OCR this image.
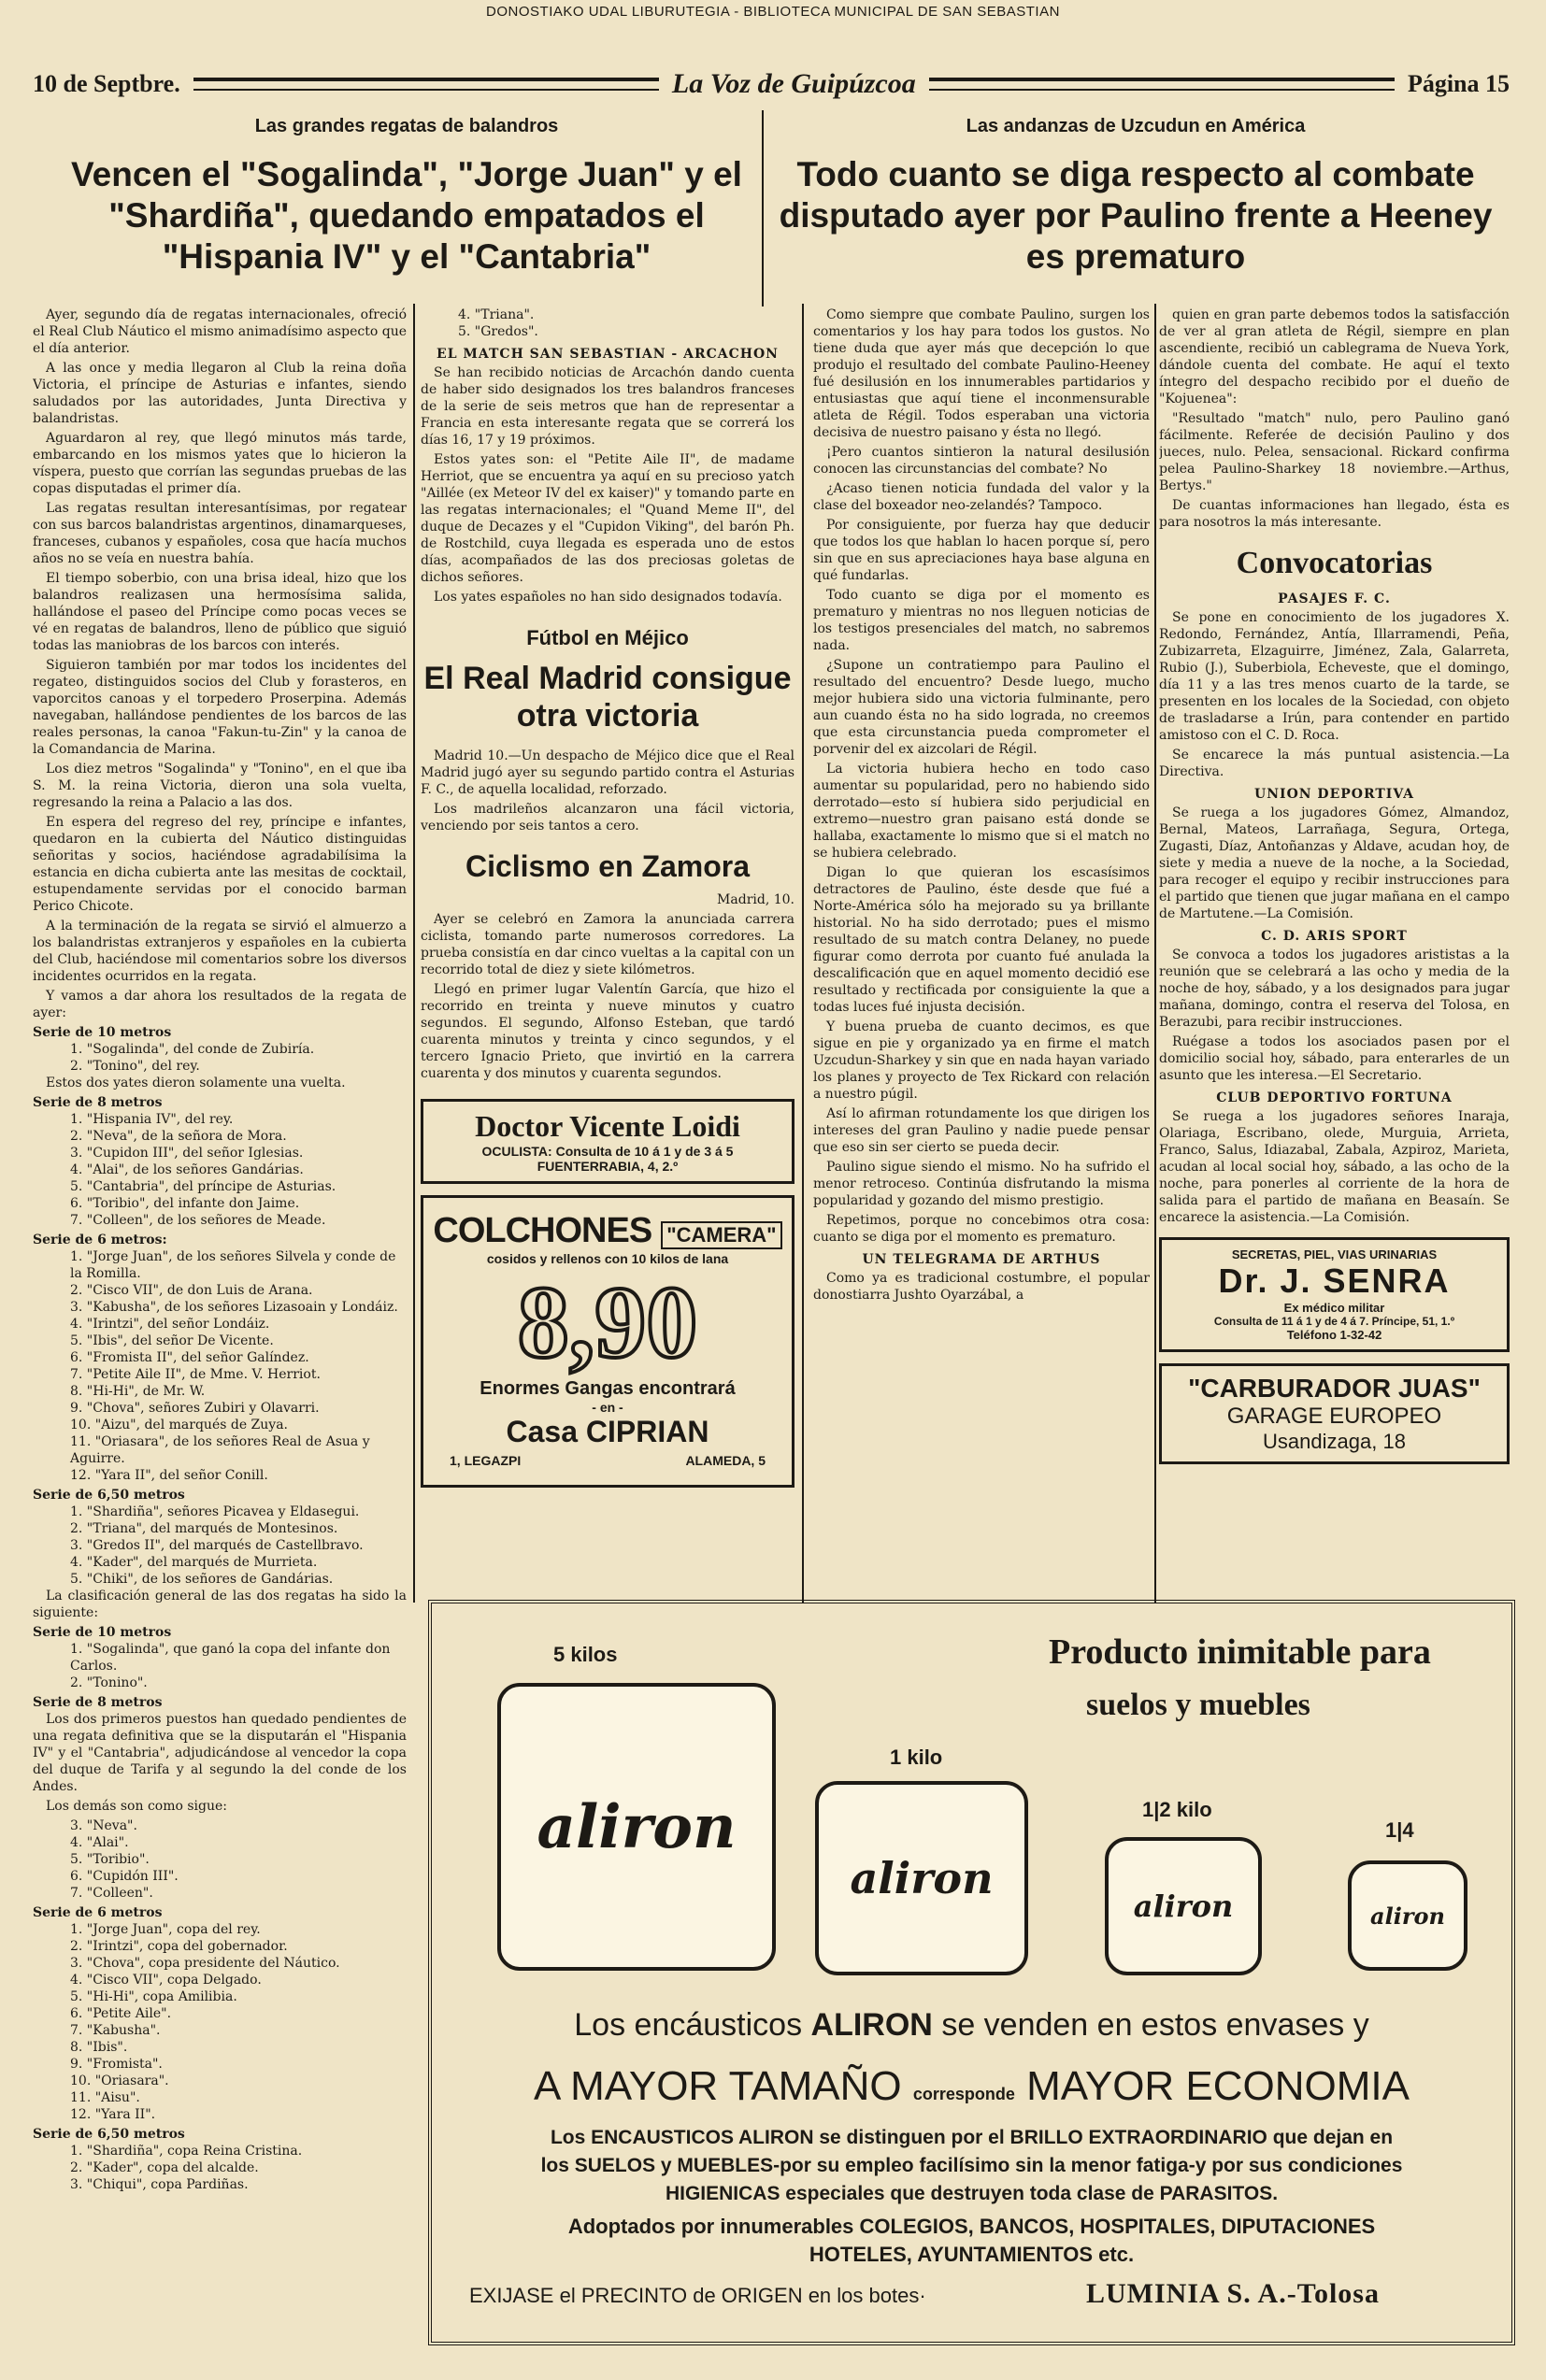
DONOSTIAKO UDAL LIBURUTEGIA - BIBLIOTECA MUNICIPAL DE SAN SEBASTIAN
10 de Septbre.	La Voz de Guipúzcoa	Página 15
Las grandes regatas de balandros
Vencen el "Sogalinda", "Jorge Juan" y el "Shardiña", quedando empatados el "Hispania IV" y el "Cantabria"
Las andanzas de Uzcudun en América
Todo cuanto se diga respecto al combate disputado ayer por Paulino frente a Heeney es prematuro

Ayer, segundo día de regatas internacionales, ofreció el Real Club Náutico el mismo animadísimo aspecto que el día anterior.

A las once y media llegaron al Club la reina doña Victoria, el príncipe de Asturias e infantes, siendo saludados por las autoridades, Junta Directiva y balandristas.

Aguardaron al rey, que llegó minutos más tarde, embarcando en los mismos yates que lo hicieron la víspera, puesto que corrían las segundas pruebas de las copas disputadas el primer día.

Las regatas resultan interesantísimas, por regatear con sus barcos balandristas argentinos, dinamarqueses, franceses, cubanos y españoles, cosa que hacía muchos años no se veía en nuestra bahía.

El tiempo soberbio, con una brisa ideal, hizo que los balandros realizasen una hermosísima salida, hallándose el paseo del Príncipe como pocas veces se vé en regatas de balandros, lleno de público que siguió todas las maniobras de los barcos con interés.

Siguieron también por mar todos los incidentes del regateo, distinguidos socios del Club y forasteros, en vaporcitos canoas y el torpedero Proserpina. Además navegaban, hallándose pendientes de los barcos de las reales personas, la canoa "Fakun-tu-Zin" y la canoa de la Comandancia de Marina.

Los diez metros "Sogalinda" y "Tonino", en el que iba S. M. la reina Victoria, dieron una sola vuelta, regresando la reina a Palacio a las dos.

En espera del regreso del rey, príncipe e infantes, quedaron en la cubierta del Náutico distinguidas señoritas y socios, haciéndose agradabilísima la estancia en dicha cubierta ante las mesitas de cocktail, estupendamente servidas por el conocido barman Perico Chicote.

A la terminación de la regata se sirvió el almuerzo a los balandristas extranjeros y españoles en la cubierta del Club, haciéndose mil comentarios sobre los diversos incidentes ocurridos en la regata.

Y vamos a dar ahora los resultados de la regata de ayer:

Serie de 10 metros
1. "Sogalinda", del conde de Zubiría.
2. "Tonino", del rey.

Estos dos yates dieron solamente una vuelta.

Serie de 8 metros
1. "Hispania IV", del rey.
2. "Neva", de la señora de Mora.
3. "Cupidon III", del señor Iglesias.
4. "Alai", de los señores Gandárias.
5. "Cantabria", del príncipe de Asturias.
6. "Toribio", del infante don Jaime.
7. "Colleen", de los señores de Meade.
Serie de 6 metros:
1. "Jorge Juan", de los señores Silvela y conde de la Romilla.
2. "Cisco VII", de don Luis de Arana.
3. "Kabusha", de los señores Lizasoain y Londáiz.
4. "Irintzi", del señor Londáiz.
5. "Ibis", del señor De Vicente.
6. "Fromista II", del señor Galíndez.
7. "Petite Aile II", de Mme. V. Herriot.
8. "Hi-Hi", de Mr. W.
9. "Chova", señores Zubiri y Olavarri.
10. "Aizu", del marqués de Zuya.
11. "Oriasara", de los señores Real de Asua y Aguirre.
12. "Yara II", del señor Conill.
Serie de 6,50 metros
1. "Shardiña", señores Picavea y Eldasegui.
2. "Triana", del marqués de Montesinos.
3. "Gredos II", del marqués de Castellbravo.
4. "Kader", del marqués de Murrieta.
5. "Chiki", de los señores de Gandárias.

La clasificación general de las dos regatas ha sido la siguiente:

Serie de 10 metros
1. "Sogalinda", que ganó la copa del infante don Carlos.
2. "Tonino".
Serie de 8 metros

Los dos primeros puestos han quedado pendientes de una regata definitiva que se la disputarán el "Hispania IV" y el "Cantabria", adjudicándose al vencedor la copa del duque de Tarifa y al segundo la del conde de los Andes.

Los demás son como sigue:

3. "Neva".
4. "Alai".
5. "Toribio".
6. "Cupidón III".
7. "Colleen".
Serie de 6 metros
1. "Jorge Juan", copa del rey.
2. "Irintzi", copa del gobernador.
3. "Chova", copa presidente del Náutico.
4. "Cisco VII", copa Delgado.
5. "Hi-Hi", copa Amilibia.
6. "Petite Aile".
7. "Kabusha".
8. "Ibis".
9. "Fromista".
10. "Oriasara".
11. "Aisu".
12. "Yara II".
Serie de 6,50 metros
1. "Shardiña", copa Reina Cristina.
2. "Kader", copa del alcalde.
3. "Chiqui", copa Pardiñas.
4. "Triana".
5. "Gredos".
EL MATCH SAN SEBASTIAN - ARCACHON

Se han recibido noticias de Arcachón dando cuenta de haber sido designados los tres balandros franceses de la serie de seis metros que han de representar a Francia en esta interesante regata que se correrá los días 16, 17 y 19 próximos.

Estos yates son: el "Petite Aile II", de madame Herriot, que se encuentra ya aquí en su precioso yatch "Aillée (ex Meteor IV del ex kaiser)" y tomando parte en las regatas internacionales; el "Quand Meme II", del duque de Decazes y el "Cupidon Viking", del barón Ph. de Rostchild, cuya llegada es esperada uno de estos días, acompañados de las dos preciosas goletas de dichos señores.

Los yates españoles no han sido designados todavía.

Fútbol en Méjico
El Real Madrid consigue otra victoria

Madrid 10.—Un despacho de Méjico dice que el Real Madrid jugó ayer su segundo partido contra el Asturias F. C., de aquella localidad, reforzado.

Los madrileños alcanzaron una fácil victoria, venciendo por seis tantos a cero.

Ciclismo en Zamora

Madrid, 10.

Ayer se celebró en Zamora la anunciada carrera ciclista, tomando parte numerosos corredores. La prueba consistía en dar cinco vueltas a la capital con un recorrido total de diez y siete kilómetros.

Llegó en primer lugar Valentín García, que hizo el recorrido en treinta y nueve minutos y cuatro segundos. El segundo, Alfonso Esteban, que tardó cuarenta minutos y treinta y cinco segundos, y el tercero Ignacio Prieto, que invirtió en la carrera cuarenta y dos minutos y cuarenta segundos.

Doctor Vicente Loidi
OCULISTA: Consulta de 10 á 1 y de 3 á 5
FUENTERRABIA, 4, 2.º
COLCHONES "CAMERA"
cosidos y rellenos con 10 kilos de lana
8,90
Enormes Gangas encontrará
- en -
Casa CIPRIAN
1, LEGAZPI	ALAMEDA, 5

Como siempre que combate Paulino, surgen los comentarios y los hay para todos los gustos. No tiene duda que ayer más que decepción lo que produjo el resultado del combate Paulino-Heeney fué desilusión en los innumerables partidarios y entusiastas que aquí tiene el inconmensurable atleta de Régil. Todos esperaban una victoria decisiva de nuestro paisano y ésta no llegó.

¡Pero cuantos sintieron la natural desilusión conocen las circunstancias del combate? No

¿Acaso tienen noticia fundada del valor y la clase del boxeador neo-zelandés? Tampoco.

Por consiguiente, por fuerza hay que deducir que todos los que hablan lo hacen porque sí, pero sin que en sus apreciaciones haya base alguna en qué fundarlas.

Todo cuanto se diga por el momento es prematuro y mientras no nos lleguen noticias de los testigos presenciales del match, no sabremos nada.

¿Supone un contratiempo para Paulino el resultado del encuentro? Desde luego, mucho mejor hubiera sido una victoria fulminante, pero aun cuando ésta no ha sido lograda, no creemos que esta circunstancia pueda comprometer el porvenir del ex aizcolari de Régil.

La victoria hubiera hecho en todo caso aumentar su popularidad, pero no habiendo sido derrotado—esto sí hubiera sido perjudicial en extremo—nuestro gran paisano está donde se hallaba, exactamente lo mismo que si el match no se hubiera celebrado.

Digan lo que quieran los escasísimos detractores de Paulino, éste desde que fué a Norte-América sólo ha mejorado su ya brillante historial. No ha sido derrotado; pues el mismo resultado de su match contra Delaney, no puede figurar como derrota por cuanto fué anulada la descalificación que en aquel momento decidió ese resultado y rectificada por consiguiente la que a todas luces fué injusta decisión.

Y buena prueba de cuanto decimos, es que sigue en pie y organizado ya en firme el match Uzcudun-Sharkey y sin que en nada hayan variado los planes y proyecto de Tex Rickard con relación a nuestro púgil.

Así lo afirman rotundamente los que dirigen los intereses del gran Paulino y nadie puede pensar que eso sin ser cierto se pueda decir.

Paulino sigue siendo el mismo. No ha sufrido el menor retroceso. Continúa disfrutando la misma popularidad y gozando del mismo prestigio.

Repetimos, porque no concebimos otra cosa: cuanto se diga por el momento es prematuro.

UN TELEGRAMA DE ARTHUS

Como ya es tradicional costumbre, el popular donostiarra Jushto Oyarzábal, a

quien en gran parte debemos todos la satisfacción de ver al gran atleta de Régil, siempre en plan ascendiente, recibió un cablegrama de Nueva York, dándole cuenta del combate. He aquí el texto íntegro del despacho recibido por el dueño de "Kojuenea":

"Resultado "match" nulo, pero Paulino ganó fácilmente. Referée de decisión Paulino y dos jueces, nulo. Pelea, sensacional. Rickard confirma pelea Paulino-Sharkey 18 noviembre.—Arthus, Bertys."

De cuantas informaciones han llegado, ésta es para nosotros la más interesante.

Convocatorias
PASAJES F. C.

Se pone en conocimiento de los jugadores X. Redondo, Fernández, Antía, Illarramendi, Peña, Zubizarreta, Elzaguirre, Jiménez, Zala, Galarreta, Rubio (J.), Suberbiola, Echeveste, que el domingo, día 11 y a las tres menos cuarto de la tarde, se presenten en los locales de la Sociedad, con objeto de trasladarse a Irún, para contender en partido amistoso con el C. D. Roca.

Se encarece la más puntual asistencia.—La Directiva.

UNION DEPORTIVA

Se ruega a los jugadores Gómez, Almandoz, Bernal, Mateos, Larrañaga, Segura, Ortega, Zugasti, Díaz, Antoñanzas y Aldave, acudan hoy, de siete y media a nueve de la noche, a la Sociedad, para recoger el equipo y recibir instrucciones para el partido que tienen que jugar mañana en el campo de Martutene.—La Comisión.

C. D. ARIS SPORT

Se convoca a todos los jugadores arististas a la reunión que se celebrará a las ocho y media de la noche de hoy, sábado, y a los designados para jugar mañana, domingo, contra el reserva del Tolosa, en Berazubi, para recibir instrucciones.

Ruégase a todos los asociados pasen por el domicilio social hoy, sábado, para enterarles de un asunto que les interesa.—El Secretario.

CLUB DEPORTIVO FORTUNA

Se ruega a los jugadores señores Inaraja, Olariaga, Escribano, olede, Murguia, Arrieta, Franco, Salus, Idiazabal, Zabala, Azpiroz, Marieta, acudan al local social hoy, sábado, a las ocho de la noche, para ponerles al corriente de la hora de salida para el partido de mañana en Beasaín. Se encarece la asistencia.—La Comisión.

SECRETAS, PIEL, VIAS URINARIAS
Dr. J. SENRA
Ex médico militar
Consulta de 11 á 1 y de 4 á 7. Príncipe, 51, 1.º
Teléfono 1-32-42
"CARBURADOR JUAS"
GARAGE EUROPEO
Usandizaga, 18
5 kilos
1 kilo
1|2 kilo
1|4
Producto inimitable para
suelos y muebles
aliron
aliron
aliron	aliron
Los encáusticos ALIRON se venden en estos envases y
A MAYOR TAMAÑO corresponde MAYOR ECONOMIA
Los ENCAUSTICOS ALIRON se distinguen por el BRILLO EXTRAORDINARIO que dejan en
los SUELOS y MUEBLES-por su empleo facilísimo sin la menor fatiga-y por sus condiciones
HIGIENICAS especiales que destruyen toda clase de PARASITOS.
Adoptados por innumerables COLEGIOS, BANCOS, HOSPITALES, DIPUTACIONES
HOTELES, AYUNTAMIENTOS etc.
EXIJASE el PRECINTO de ORIGEN en los botes·	LUMINIA S. A.-Tolosa
